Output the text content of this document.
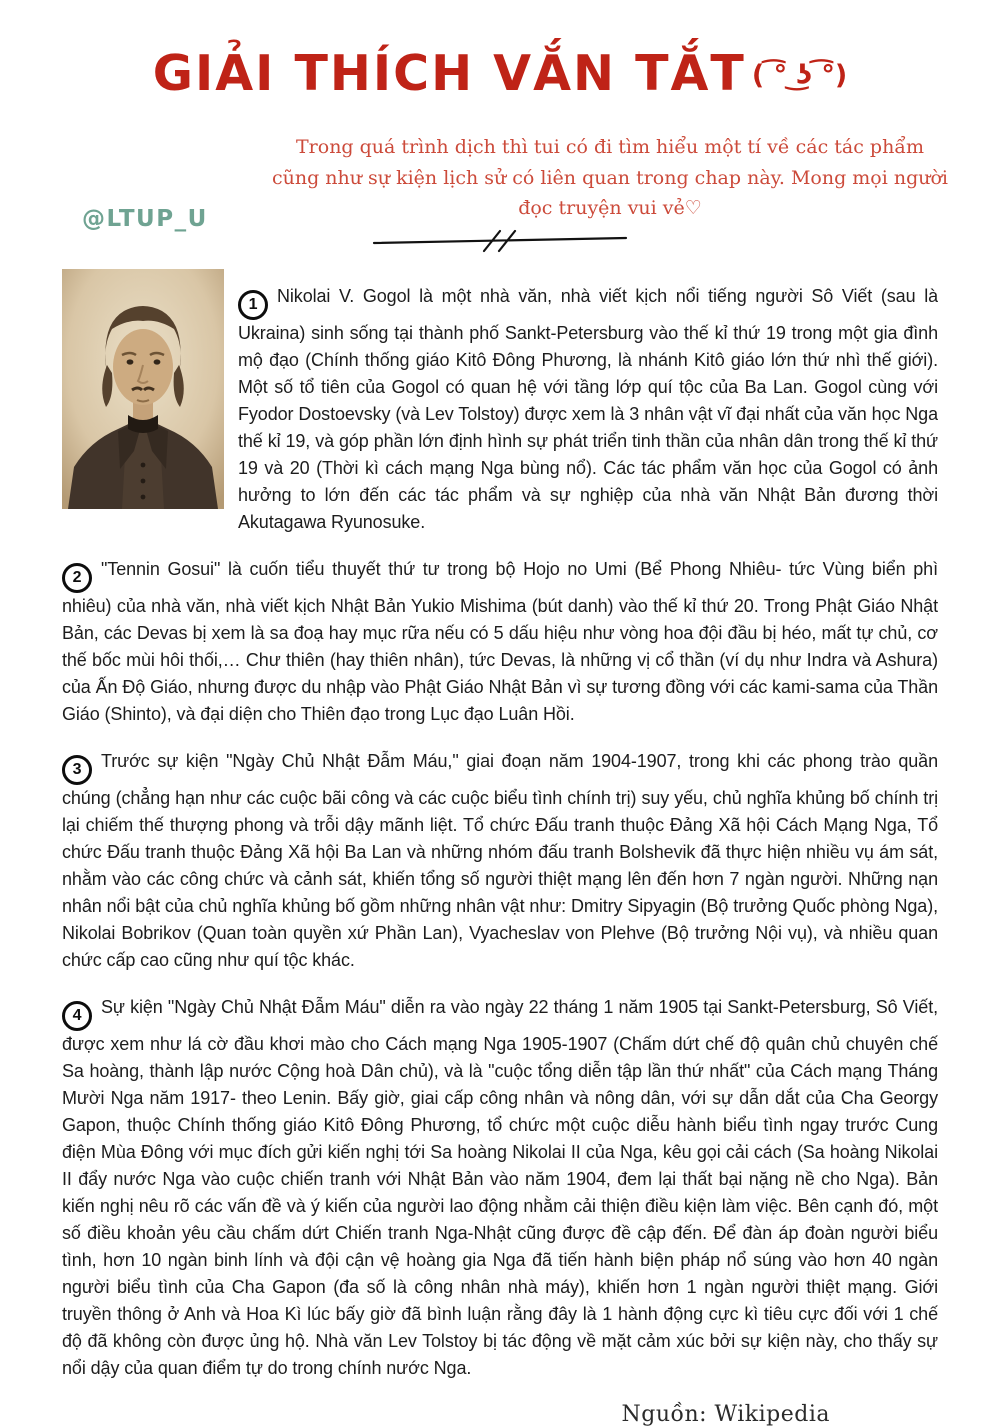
GIẢI THÍCH VẮN TẮT ( ͡° ͜ʖ ͡°)
@LTUP_U

Trong quá trình dịch thì tui có đi tìm hiểu một tí về các tác phẩm cũng như sự kiện lịch sử có liên quan trong chap này. Mong mọi người đọc truyện vui vẻ♡

1 Nikolai V. Gogol là một nhà văn, nhà viết kịch nổi tiếng người Sô Viết (sau là Ukraina) sinh sống tại thành phố Sankt-Petersburg vào thế kỉ thứ 19 trong một gia đình mộ đạo (Chính thống giáo Kitô Đông Phương, là nhánh Kitô giáo lớn thứ nhì thế giới). Một số tổ tiên của Gogol có quan hệ với tầng lớp quí tộc của Ba Lan. Gogol cùng với Fyodor Dostoevsky (và Lev Tolstoy) được xem là 3 nhân vật vĩ đại nhất của văn học Nga thế kỉ 19, và góp phần lớn định hình sự phát triển tinh thần của nhân dân trong thế kỉ thứ 19 và 20 (Thời kì cách mạng Nga bùng nổ). Các tác phẩm văn học của Gogol có ảnh hưởng to lớn đến các tác phẩm và sự nghiệp của nhà văn Nhật Bản đương thời Akutagawa Ryunosuke.

2 "Tennin Gosui" là cuốn tiểu thuyết thứ tư trong bộ Hojo no Umi (Bể Phong Nhiêu- tức Vùng biển phì nhiêu) của nhà văn, nhà viết kịch Nhật Bản Yukio Mishima (bút danh) vào thế kỉ thứ 20. Trong Phật Giáo Nhật Bản, các Devas bị xem là sa đoạ hay mục rữa nếu có 5 dấu hiệu như vòng hoa đội đầu bị héo, mất tự chủ, cơ thế bốc mùi hôi thối,… Chư thiên (hay thiên nhân), tức Devas, là những vị cổ thần (ví dụ như Indra và Ashura) của Ấn Độ Giáo, nhưng được du nhập vào Phật Giáo Nhật Bản vì sự tương đồng với các kami-sama của Thần Giáo (Shinto), và đại diện cho Thiên đạo trong Lục đạo Luân Hồi.

3 Trước sự kiện "Ngày Chủ Nhật Đẫm Máu," giai đoạn năm 1904-1907, trong khi các phong trào quần chúng (chẳng hạn như các cuộc bãi công và các cuộc biểu tình chính trị) suy yếu, chủ nghĩa khủng bố chính trị lại chiếm thế thượng phong và trỗi dậy mãnh liệt. Tổ chức Đấu tranh thuộc Đảng Xã hội Cách Mạng Nga, Tổ chức Đấu tranh thuộc Đảng Xã hội Ba Lan và những nhóm đấu tranh Bolshevik đã thực hiện nhiều vụ ám sát, nhằm vào các công chức và cảnh sát, khiến tổng số người thiệt mạng lên đến hơn 7 ngàn người. Những nạn nhân nổi bật của chủ nghĩa khủng bố gồm những nhân vật như: Dmitry Sipyagin (Bộ trưởng Quốc phòng Nga), Nikolai Bobrikov (Quan toàn quyền xứ Phần Lan), Vyacheslav von Plehve (Bộ trưởng Nội vụ), và nhiều quan chức cấp cao cũng như quí tộc khác.

4 Sự kiện "Ngày Chủ Nhật Đẫm Máu" diễn ra vào ngày 22 tháng 1 năm 1905 tại Sankt-Petersburg, Sô Viết, được xem như lá cờ đầu khơi mào cho Cách mạng Nga 1905-1907 (Chấm dứt chế độ quân chủ chuyên chế Sa hoàng, thành lập nước Cộng hoà Dân chủ), và là "cuộc tổng diễn tập lần thứ nhất" của Cách mạng Tháng Mười Nga năm 1917- theo Lenin. Bấy giờ, giai cấp công nhân và nông dân, với sự dẫn dắt của Cha Georgy Gapon, thuộc Chính thống giáo Kitô Đông Phương, tổ chức một cuộc diễu hành biểu tình ngay trước Cung điện Mùa Đông với mục đích gửi kiến nghị tới Sa hoàng Nikolai II của Nga, kêu gọi cải cách (Sa hoàng Nikolai II đẩy nước Nga vào cuộc chiến tranh với Nhật Bản vào năm 1904, đem lại thất bại nặng nề cho Nga). Bản kiến nghị nêu rõ các vấn đề và ý kiến của người lao động nhằm cải thiện điều kiện làm việc. Bên cạnh đó, một số điều khoản yêu cầu chấm dứt Chiến tranh Nga-Nhật cũng được đề cập đến. Để đàn áp đoàn người biểu tình, hơn 10 ngàn binh lính và đội cận vệ hoàng gia Nga đã tiến hành biện pháp nổ súng vào hơn 40 ngàn người biểu tình của Cha Gapon (đa số là công nhân nhà máy), khiến hơn 1 ngàn người thiệt mạng. Giới truyền thông ở Anh và Hoa Kì lúc bấy giờ đã bình luận rằng đây là 1 hành động cực kì tiêu cực đối với 1 chế độ đã không còn được ủng hộ. Nhà văn Lev Tolstoy bị tác động về mặt cảm xúc bởi sự kiện này, cho thấy sự nổi dậy của quan điểm tự do trong chính nước Nga.

Nguồn: Wikipedia
